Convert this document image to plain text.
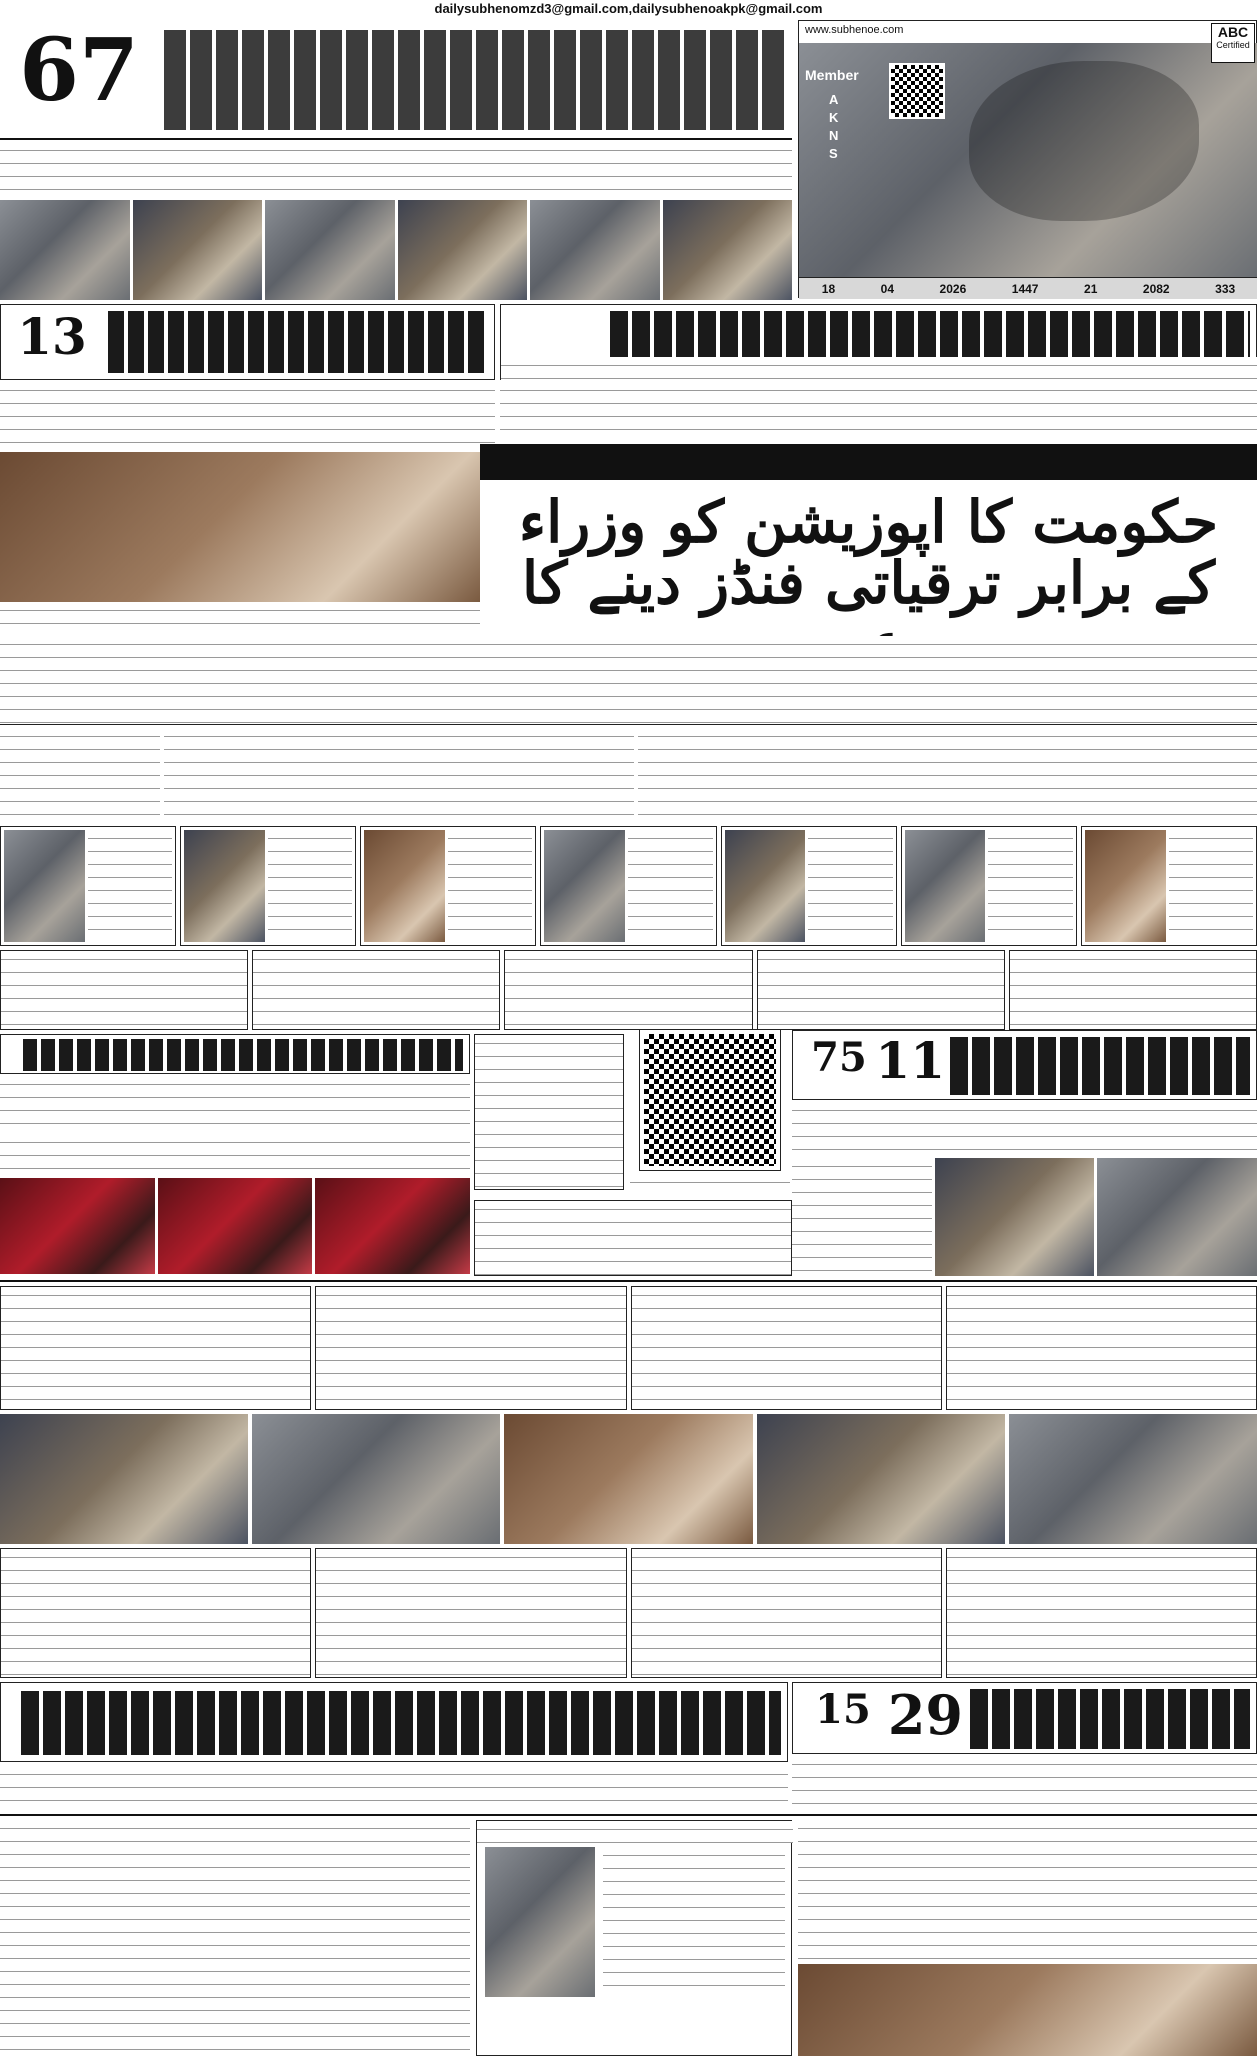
dailysubhenomzd3@gmail.com,dailysubhenoakpk@gmail.com
www.subhenoe.com
Member
A K N S
ABC
Certified
18	04	2026	1447	21	2082	333
67
13
حکومت کا اپوزیشن کو وزراء کے برابر ترقیاتی فنڈز دینے کا
11
75
29
15
